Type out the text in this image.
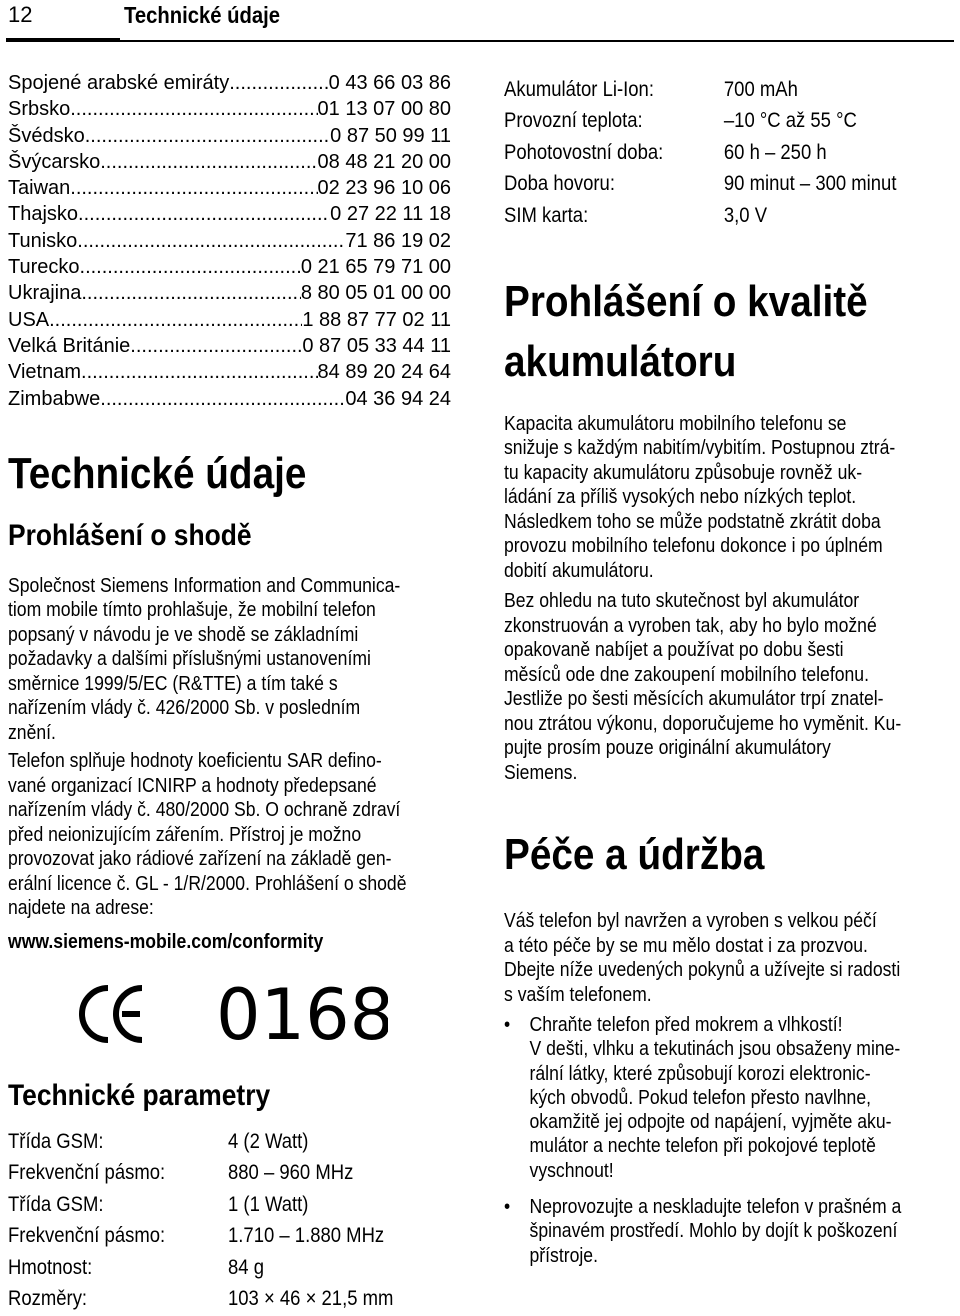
12	Technické údaje
Spojené arabské emiráty .....	0 43 66 03 86
Srbsko .....	01 13 07 00 80
Švédsko .....	0 87 50 99 11
Švýcarsko .....	08 48 21 20 00
Taiwan .....	02 23 96 10 06
Thajsko .....	0 27 22 11 18
Tunisko .....	71 86 19 02
Turecko .....	0 21 65 79 71 00
Ukrajina .....	8 80 05 01 00 00
USA .....	1 88 87 77 02 11
Velká Británie .....	0 87 05 33 44 11
Vietnam .....	84 89 20 24 64
Zimbabwe .....	04 36 94 24
Technické údaje
Prohlášení o shodě
Společnost Siemens Information and Communica-
tiom mobile tímto prohlašuje, že mobilní telefon
popsaný v návodu je ve shodě se základními
požadavky a dalšími příslušnými ustanoveními
směrnice 1999/5/EC (R&TTE) a tím také s
nařízením vlády č. 426/2000 Sb. v posledním
znění.
Telefon splňuje hodnoty koeficientu SAR defino-
vané organizací ICNIRP a hodnoty předepsané
nařízením vlády č. 480/2000 Sb. O ochraně zdraví
před neionizujícím zářením. Přístroj je možno
provozovat jako rádiové zařízení na základě gen-
erální licence č. GL - 1/R/2000. Prohlášení o shodě
najdete na adrese:
www.siemens-mobile.com/conformity
0168
Technické parametry
Třída GSM:	4 (2 Watt)
Frekvenční pásmo:	880 – 960 MHz
Třída GSM:	1 (1 Watt)
Frekvenční pásmo:	1.710 – 1.880 MHz
Hmotnost:	84 g
Rozměry:	103 × 46 × 21,5 mm
Akumulátor Li-Ion:	700 mAh
Provozní teplota:	–10 °C až 55 °C
Pohotovostní doba:	60 h – 250 h
Doba hovoru:	90 minut – 300 minut
SIM karta:	3,0 V
Prohlášení o kvalitě
akumulátoru
Kapacita akumulátoru mobilního telefonu se
snižuje s každým nabitím/vybitím. Postupnou ztrá-
tu kapacity akumulátoru způsobuje rovněž uk-
ládání za příliš vysokých nebo nízkých teplot.
Následkem toho se může podstatně zkrátit doba
provozu mobilního telefonu dokonce i po úplném
dobití akumulátoru.
Bez ohledu na tuto skutečnost byl akumulátor
zkonstruován a vyroben tak, aby ho bylo možné
opakovaně nabíjet a používat po dobu šesti
měsíců ode dne zakoupení mobilního telefonu.
Jestliže po šesti měsících akumulátor trpí znatel-
nou ztrátou výkonu, doporučujeme ho vyměnit. Ku-
pujte prosím pouze originální akumulátory
Siemens.
Péče a údržba
Váš telefon byl navržen a vyroben s velkou péčí
a této péče by se mu mělo dostat i za prozvou.
Dbejte níže uvedených pokynů a užívejte si radosti
s vaším telefonem.
• Chraňte telefon před mokrem a vlhkostí!
V dešti, vlhku a tekutinách jsou obsaženy mine-
rální látky, které způsobují korozi elektronic-
kých obvodů. Pokud telefon přesto navlhne,
okamžitě jej odpojte od napájení, vyjměte aku-
mulátor a nechte telefon při pokojové teplotě
vyschnout!
• Neprovozujte a neskladujte telefon v prašném a
špinavém prostředí. Mohlo by dojít k poškození
přístroje.
